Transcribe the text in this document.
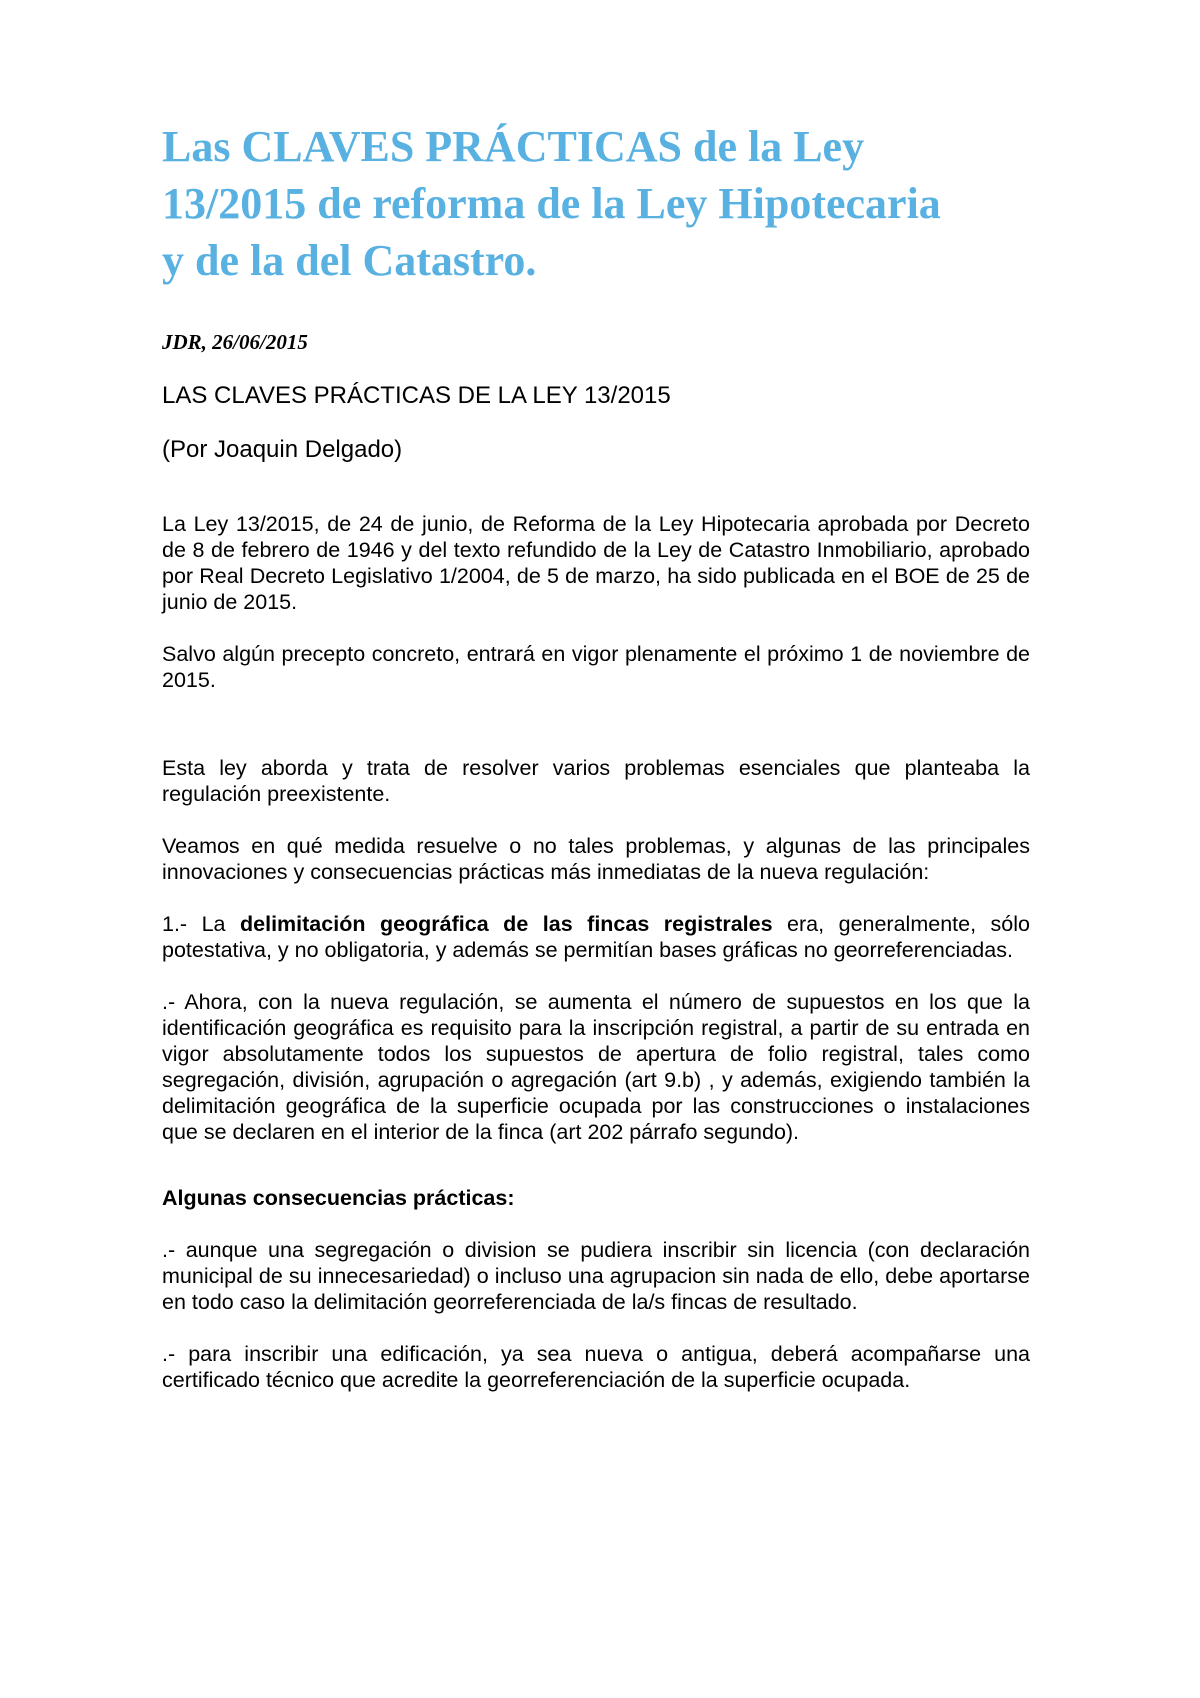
Las CLAVES PRÁCTICAS de la Ley
13/2015 de reforma de la Ley Hipotecaria
y de la del Catastro.

JDR, 26/06/2015

LAS CLAVES PRÁCTICAS DE LA LEY 13/2015

(Por Joaquin Delgado)

La Ley 13/2015, de 24 de junio, de Reforma de la Ley Hipotecaria aprobada por Decreto de 8 de febrero de 1946 y del texto refundido de la Ley de Catastro Inmobiliario, aprobado por Real Decreto Legislativo 1/2004, de 5 de marzo, ha sido publicada en el BOE de 25 de junio de 2015.

Salvo algún precepto concreto, entrará en vigor plenamente el próximo 1 de noviembre de 2015.

Esta ley aborda y trata de resolver varios problemas esenciales que planteaba la regulación preexistente.

Veamos en qué medida resuelve o no tales problemas, y algunas de las principales innovaciones y consecuencias prácticas más inmediatas de la nueva regulación:

1.- La delimitación geográfica de las fincas registrales era, generalmente, sólo potestativa, y no obligatoria, y además se permitían bases gráficas no georreferenciadas.

.- Ahora, con la nueva regulación, se aumenta el número de supuestos en los que la identificación geográfica es requisito para la inscripción registral, a partir de su entrada en vigor absolutamente todos los supuestos de apertura de folio registral, tales como segregación, división, agrupación o agregación (art 9.b) , y además, exigiendo también la delimitación geográfica de la superficie ocupada por las construcciones o instalaciones que se declaren en el interior de la finca (art 202 párrafo segundo).

Algunas consecuencias prácticas:

.- aunque una segregación o division se pudiera inscribir sin licencia (con declaración municipal de su innecesariedad) o incluso una agrupacion sin nada de ello, debe aportarse en todo caso la delimitación georreferenciada de la/s fincas de resultado.

.- para inscribir una edificación, ya sea nueva o antigua, deberá acompañarse una certificado técnico que acredite la georreferenciación de la superficie ocupada.
